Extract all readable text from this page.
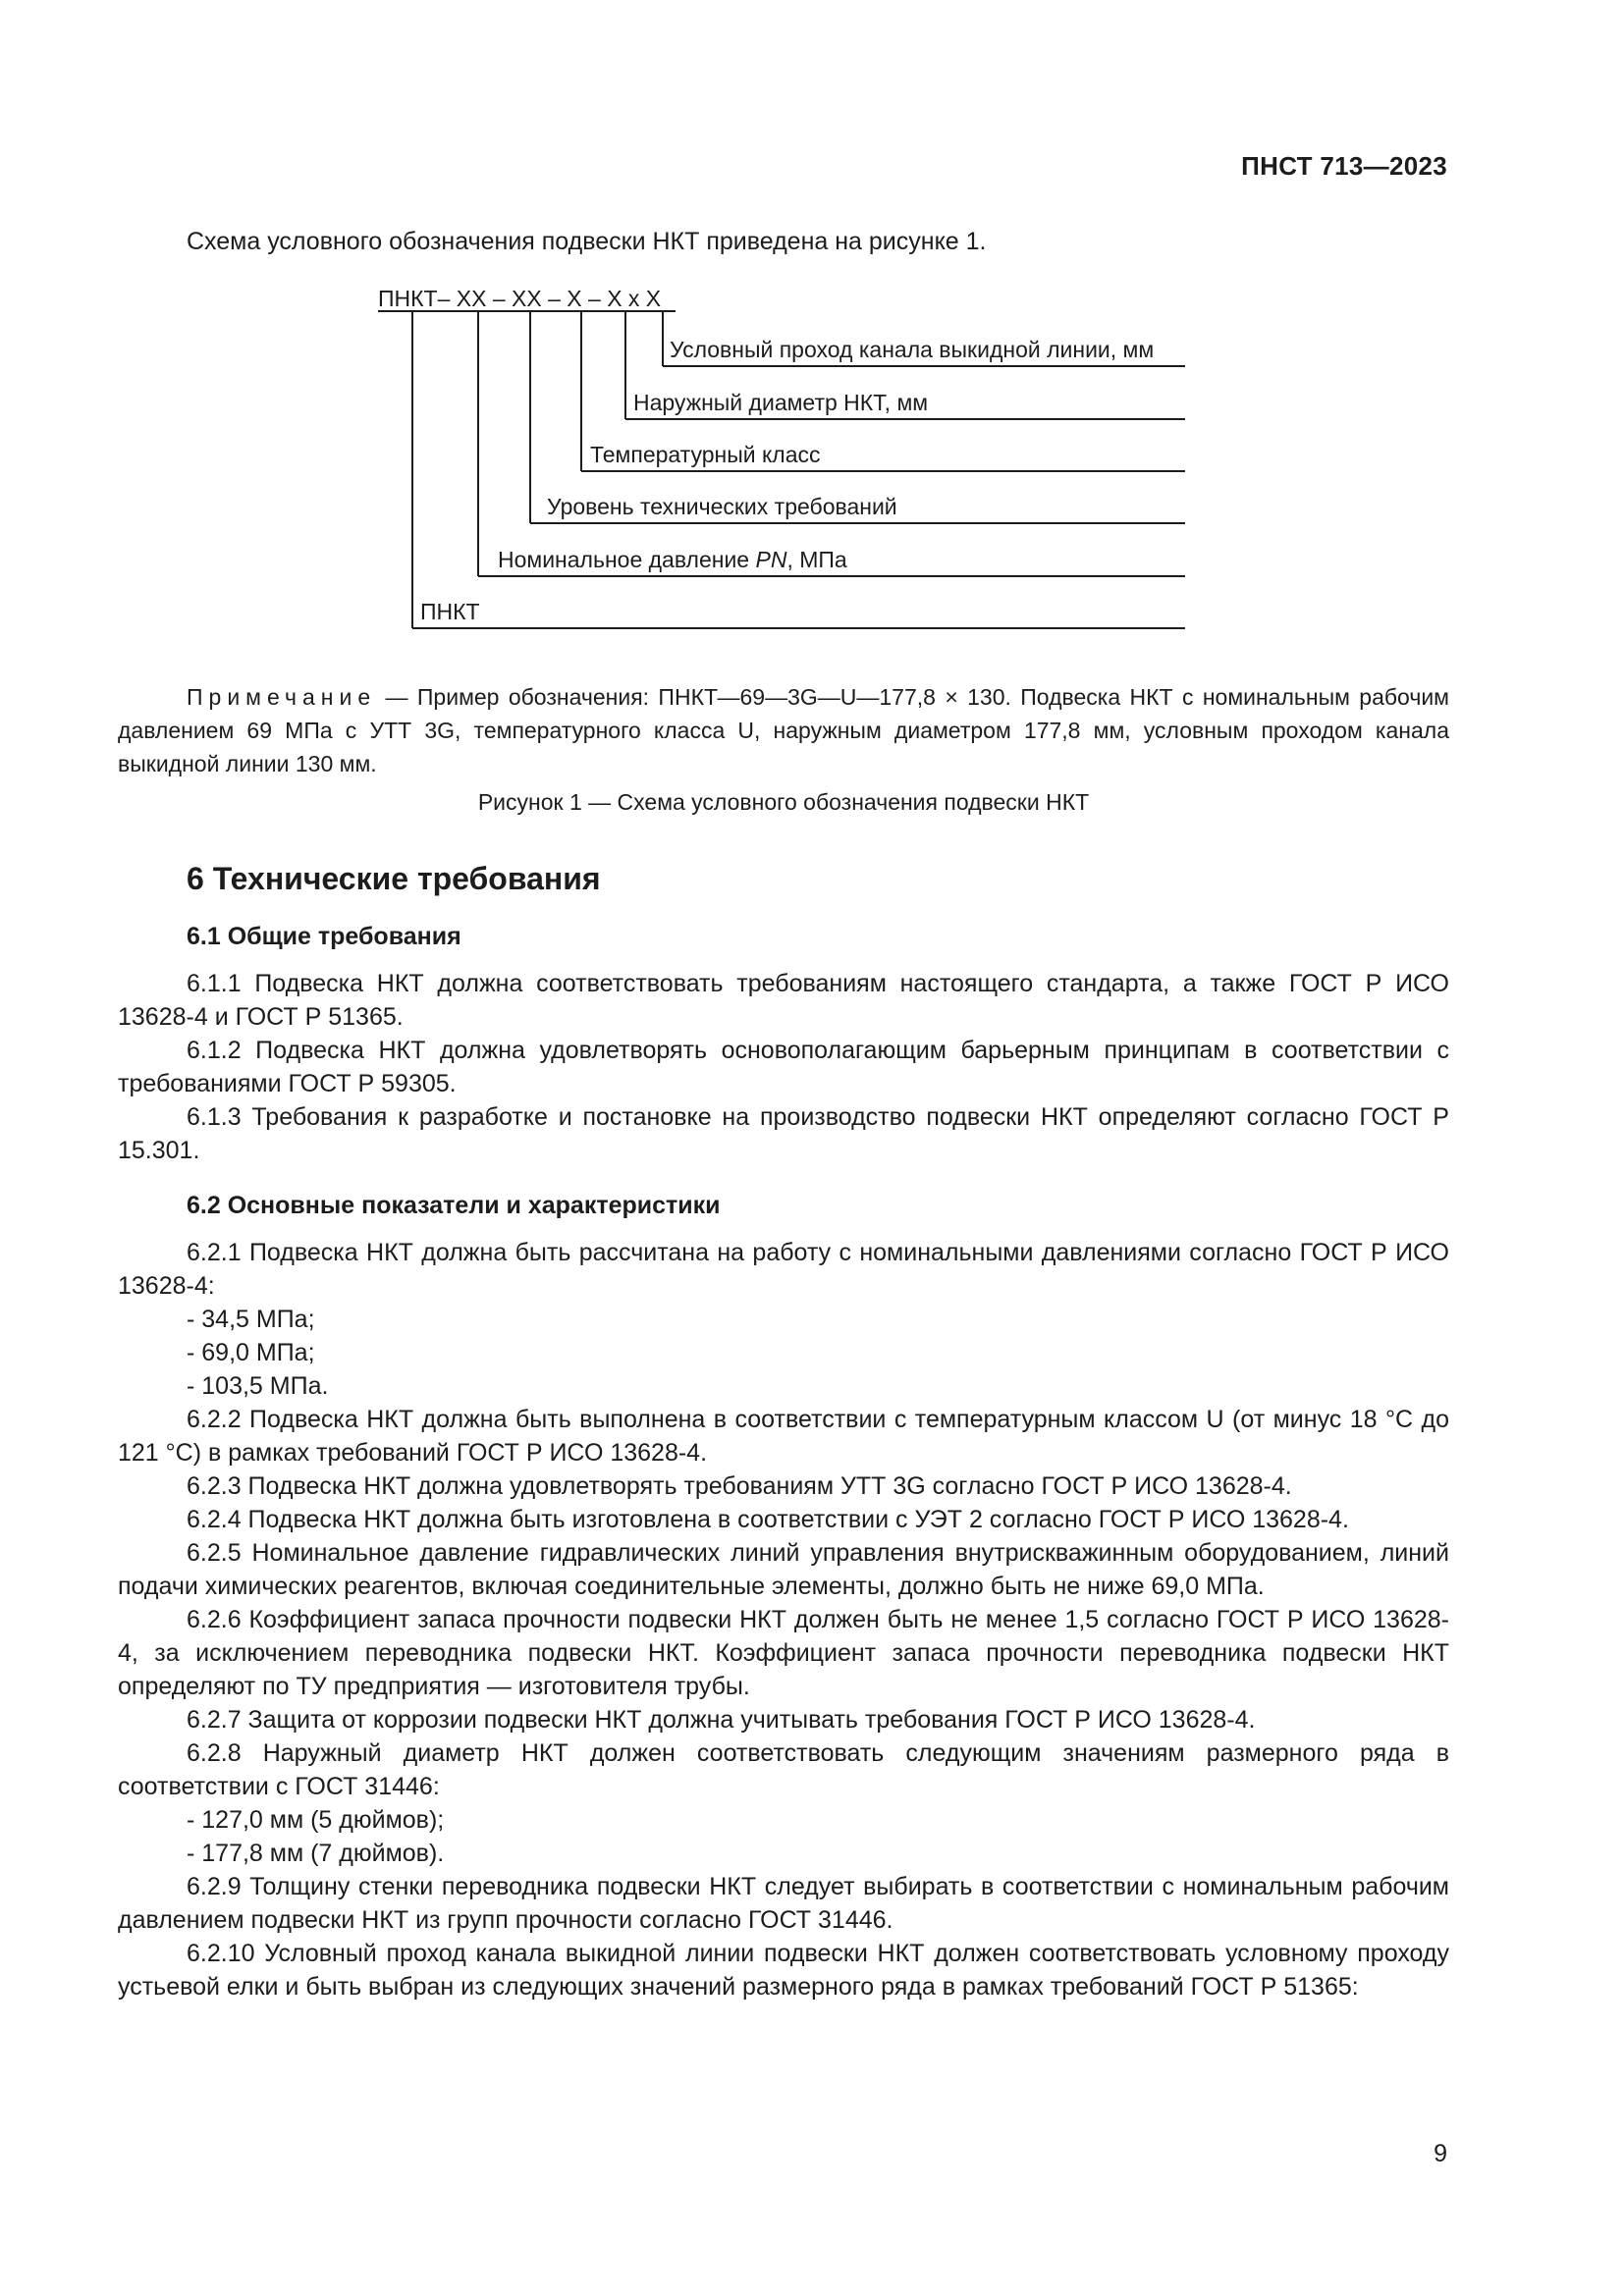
ПНСТ 713—2023
Схема условного обозначения подвески НКТ приведена на рисунке 1.
ПНКТ– XX – XX – X – X x X
Условный проход канала выкидной линии, мм
Наружный диаметр НКТ, мм
Температурный класс
Уровень технических требований
Номинальное давление PN, МПа
ПНКТ
Примечание — Пример обозначения: ПНКТ—69—3G—U—177,8 × 130. Подвеска НКТ с номинальным рабочим давлением 69 МПа с УТТ 3G, температурного класса U, наружным диаметром 177,8 мм, условным проходом канала выкидной линии 130 мм.
Рисунок 1 — Схема условного обозначения подвески НКТ
6 Технические требования
6.1 Общие требования

6.1.1 Подвеска НКТ должна соответствовать требованиям настоящего стандарта, а также ГОСТ Р ИСО 13628-4 и ГОСТ Р 51365.

6.1.2 Подвеска НКТ должна удовлетворять основополагающим барьерным принципам в соответствии с требованиями ГОСТ Р 59305.

6.1.3 Требования к разработке и постановке на производство подвески НКТ определяют согласно ГОСТ Р 15.301.

6.2 Основные показатели и характеристики

6.2.1 Подвеска НКТ должна быть рассчитана на работу с номинальными давлениями согласно ГОСТ Р ИСО 13628-4:

- 34,5 МПа;

- 69,0 МПа;

- 103,5 МПа.

6.2.2 Подвеска НКТ должна быть выполнена в соответствии с температурным классом U (от минус 18 °С до 121 °С) в рамках требований ГОСТ Р ИСО 13628-4.

6.2.3 Подвеска НКТ должна удовлетворять требованиям УТТ 3G согласно ГОСТ Р ИСО 13628-4.

6.2.4 Подвеска НКТ должна быть изготовлена в соответствии с УЭТ 2 согласно ГОСТ Р ИСО 13628-4.

6.2.5 Номинальное давление гидравлических линий управления внутрискважинным оборудованием, линий подачи химических реагентов, включая соединительные элементы, должно быть не ниже 69,0 МПа.

6.2.6 Коэффициент запаса прочности подвески НКТ должен быть не менее 1,5 согласно ГОСТ Р ИСО 13628-4, за исключением переводника подвески НКТ. Коэффициент запаса прочности переводника подвески НКТ определяют по ТУ предприятия — изготовителя трубы.

6.2.7 Защита от коррозии подвески НКТ должна учитывать требования ГОСТ Р ИСО 13628-4.

6.2.8 Наружный диаметр НКТ должен соответствовать следующим значениям размерного ряда в соответствии с ГОСТ 31446:

- 127,0 мм (5 дюймов);

- 177,8 мм (7 дюймов).

6.2.9 Толщину стенки переводника подвески НКТ следует выбирать в соответствии с номинальным рабочим давлением подвески НКТ из групп прочности согласно ГОСТ 31446.

6.2.10 Условный проход канала выкидной линии подвески НКТ должен соответствовать условному проходу устьевой елки и быть выбран из следующих значений размерного ряда в рамках требований ГОСТ Р 51365:

9
